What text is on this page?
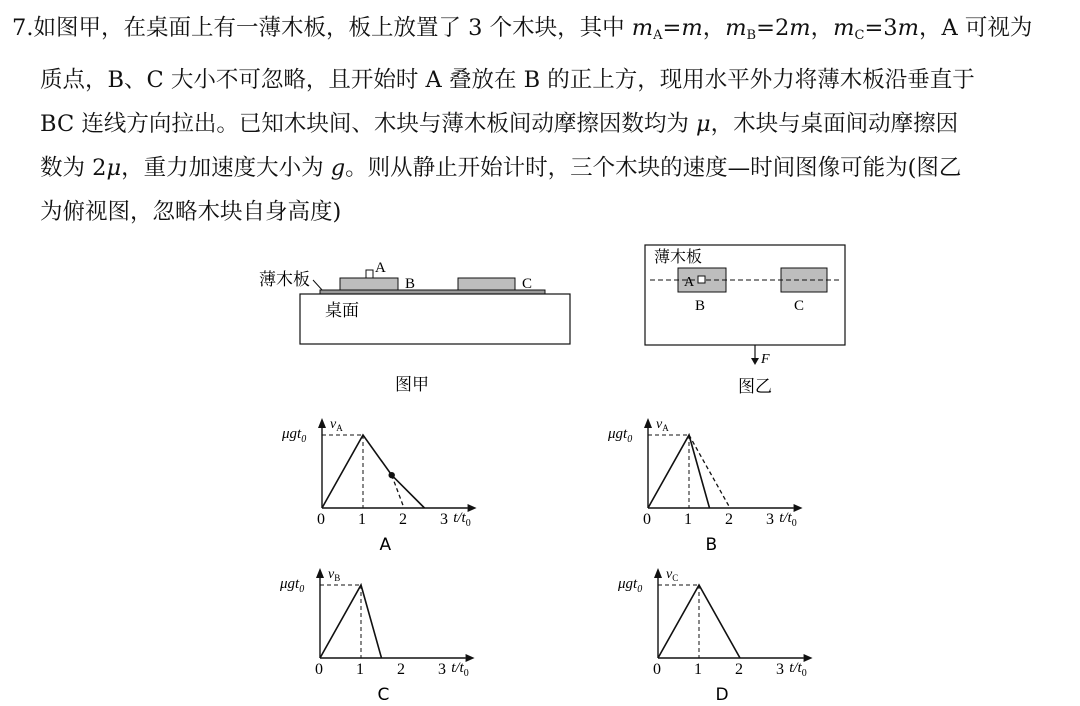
7.如图甲，在桌面上有一薄木板，板上放置了 3 个木块，其中 $m_A=m$，$m_B=2m$，$m_C=3m$，A 可视为

质点，B、C 大小不可忽略，且开始时 A 叠放在 B 的正上方，现用水平外力将薄木板沿垂直于

BC 连线方向拉出。已知木块间、木块与薄木板间动摩擦因数均为 μ，木块与桌面间动摩擦因

数为 2μ，重力加速度大小为 g。则从静止开始计时，三个木块的速度—时间图像可能为(图乙

为俯视图，忽略木块自身高度)

薄木板
A
B	C
桌面
图甲
薄木板
A
B	C
F
图乙
μgt$_0$
$v_A$
$t/t_0$
0 1 2 3
A
μgt$_0$
$v_A$
$t/t_0$
0 1 2 3
B
μgt$_0$
$v_B$
$t/t_0$
0 1 2 3
C
μgt$_0$
$v_C$
$t/t_0$
0 1 2 3
D
